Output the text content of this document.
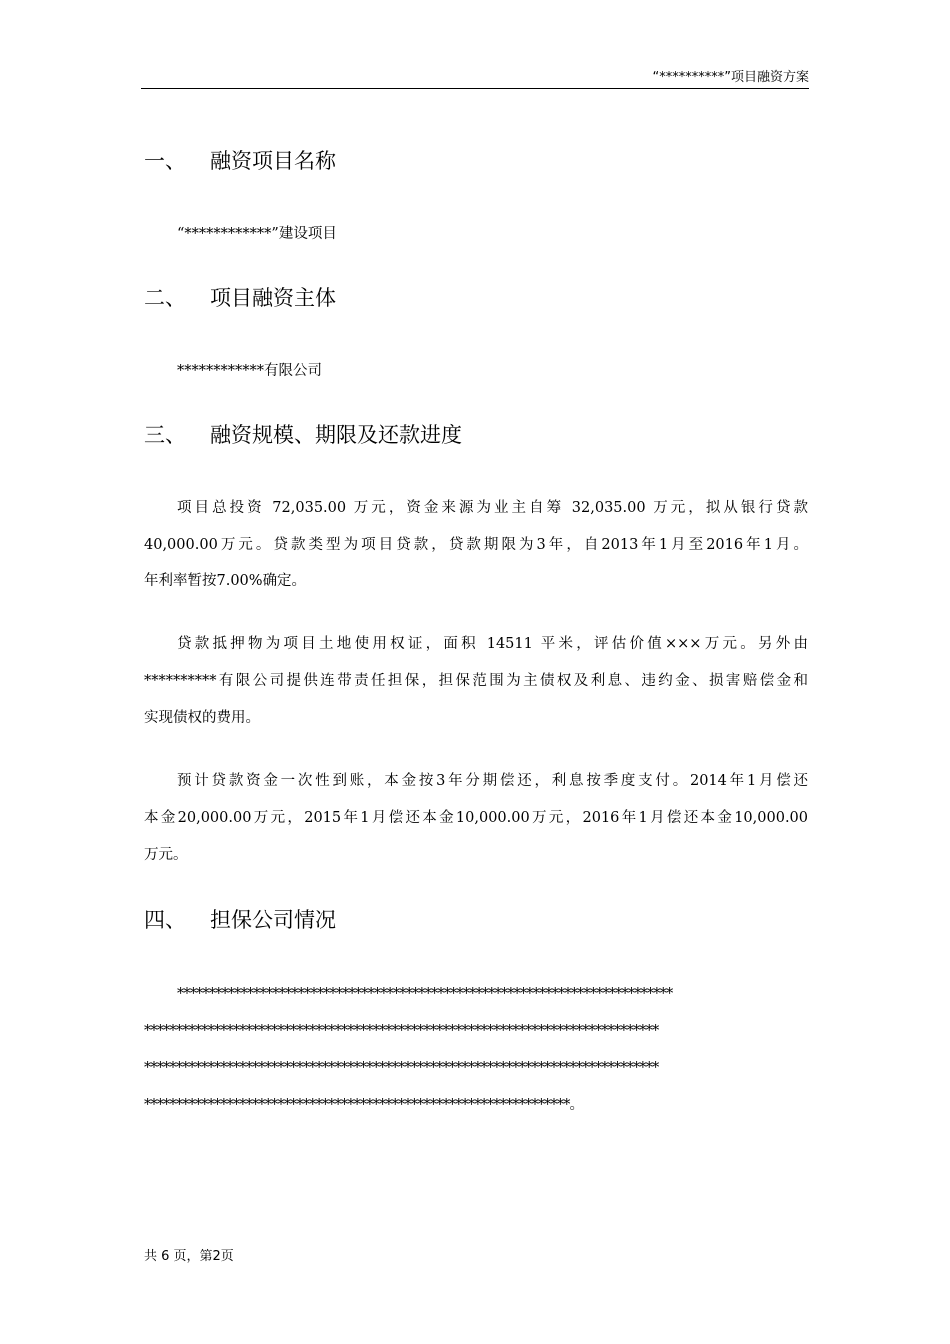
“**********”项目融资方案
一、 融资项目名称
“************”建设项目
二、 项目融资主体
************有限公司
三、 融资规模、期限及还款进度
项目总投资 72,035.00 万元，资金来源为业主自筹 32,035.00 万元，拟从银行贷款
40,000.00万元。贷款类型为项目贷款，贷款期限为3年，自2013年1月至2016年1月。
年利率暂按7.00%确定。
贷款抵押物为项目土地使用权证，面积 14511 平米，评估价值×××万元。另外由
**********有限公司提供连带责任担保，担保范围为主债权及利息、违约金、损害赔偿金和
实现债权的费用。
预计贷款资金一次性到账，本金按3年分期偿还，利息按季度支付。2014年1月偿还
本金20,000.00万元，2015年1月偿还本金10,000.00万元，2016年1月偿还本金10,000.00
万元。
四、 担保公司情况
******************************************************************************
*********************************************************************************
*********************************************************************************
*******************************************************************。
共 6 页，第2页
